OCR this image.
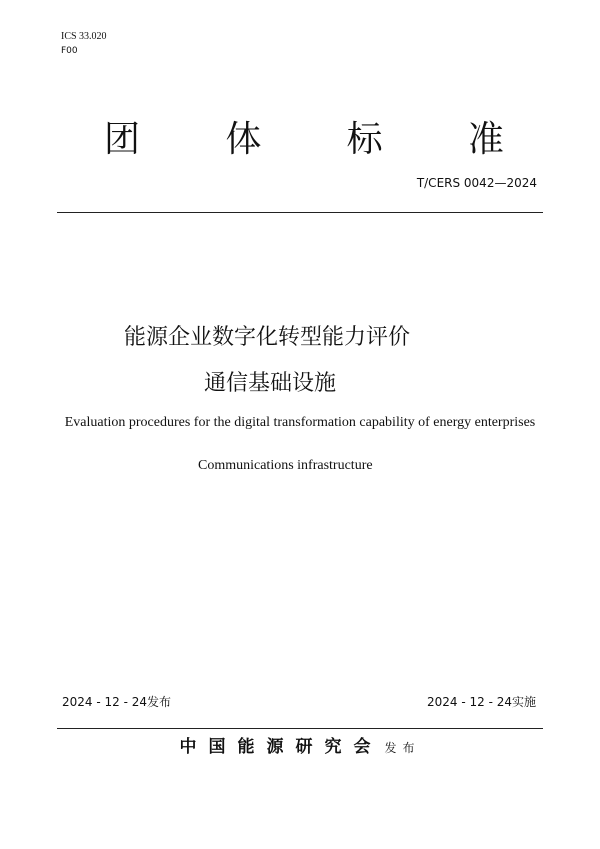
ICS 33.020
F00
团 体 标 准
T/CERS 0042—2024
能源企业数字化转型能力评价
通信基础设施
Evaluation procedures for the digital transformation capability of energy enterprises
Communications infrastructure
2024 - 12 - 24发布	2024 - 12 - 24实施
中国能源研究会 发布
